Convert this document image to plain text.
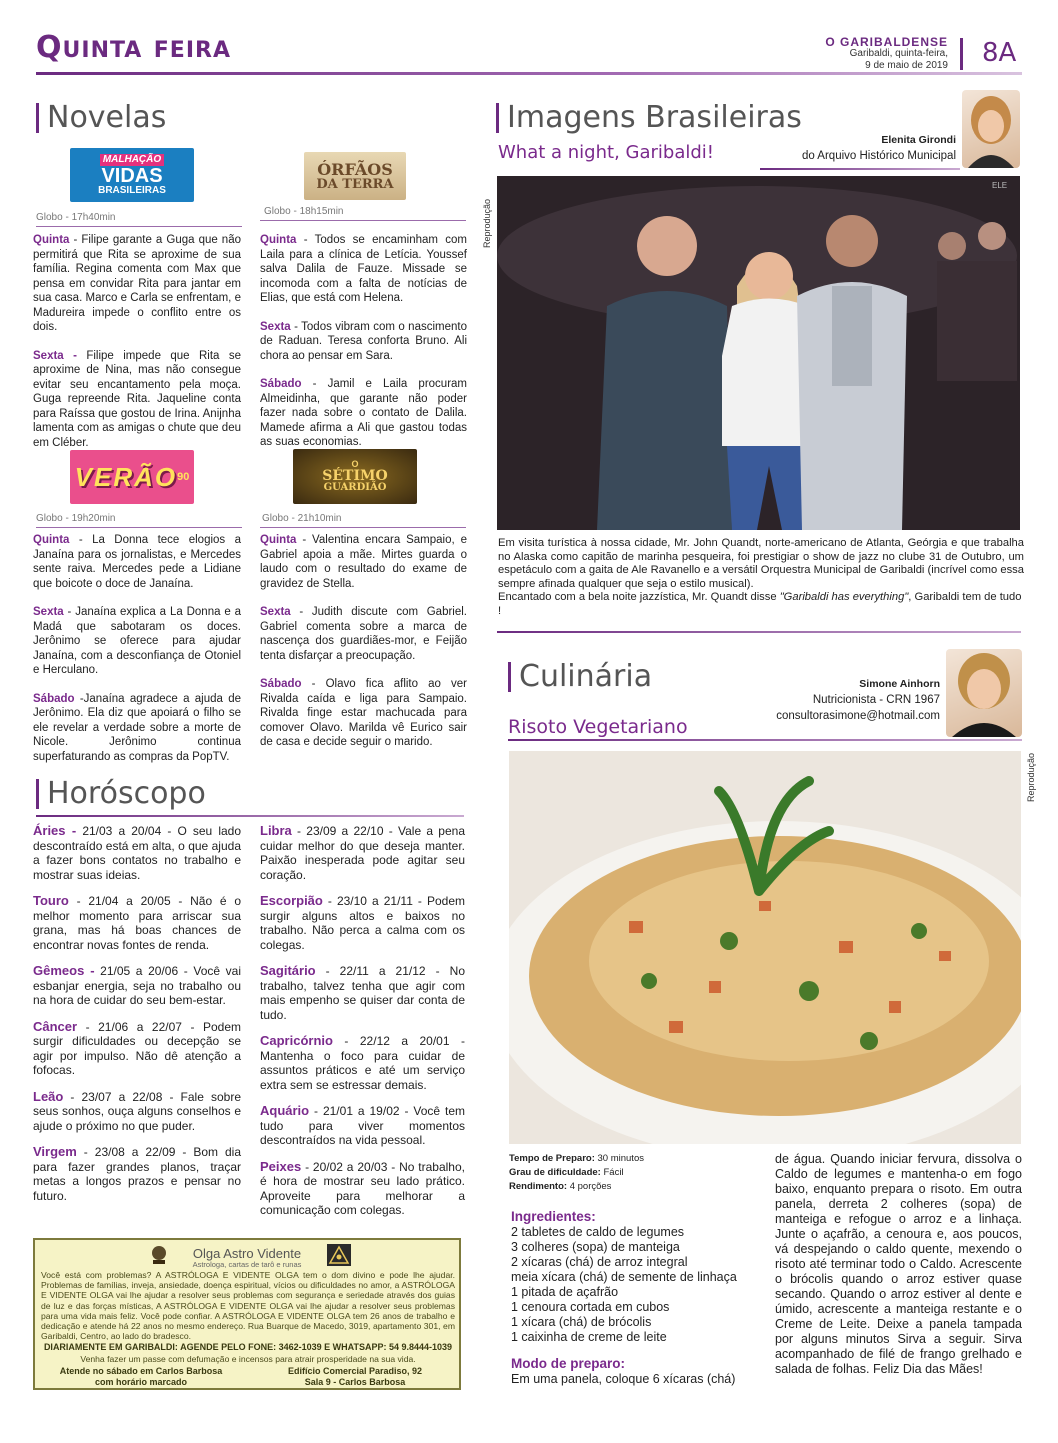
QUINTA FEIRA	O GARIBALDENSE
Garibaldi, quinta-feira,
9 de maio de 2019 8A
Novelas
MALHAÇÃO
VIDAS
BRASILEIRAS
Globo - 17h40min

Quinta - Filipe garante a Guga que não permitirá que Rita se aproxime de sua família. Regina comenta com Max que pensa em convidar Rita para jantar em sua casa. Marco e Carla se enfrentam, e Madureira impede o conflito entre os dois.

Sexta - Filipe impede que Rita se aproxime de Nina, mas não consegue evitar seu encantamento pela moça. Guga repreende Rita. Jaqueline conta para Raíssa que gostou de Irina. Anijnha lamenta com as amigas o chute que deu em Cléber.

ÓRFÃOS
DA TERRA
Globo - 18h15min

Quinta - Todos se encaminham com Laila para a clínica de Letícia. Youssef salva Dalila de Fauze. Missade se incomoda com a falta de notícias de Elias, que está com Helena.

Sexta - Todos vibram com o nascimento de Raduan. Teresa conforta Bruno. Ali chora ao pensar em Sara.

Sábado - Jamil e Laila procuram Almeidinha, que garante não poder fazer nada sobre o contato de Dalila. Mamede afirma a Ali que gastou todas as suas economias.

VERÃO 90
Globo - 19h20min

Quinta - La Donna tece elogios a Janaína para os jornalistas, e Mercedes sente raiva. Mercedes pede a Lidiane que boicote o doce de Janaína.

Sexta - Janaína explica a La Donna e a Madá que sabotaram os doces. Jerônimo se oferece para ajudar Janaína, com a desconfiança de Otoniel e Herculano.

Sábado -Janaína agradece a ajuda de Jerônimo. Ela diz que apoiará o filho se ele revelar a verdade sobre a morte de Nicole. Jerônimo continua superfaturando as compras da PopTV.

O
SÉTIMO
GUARDIÃO
Globo - 21h10min

Quinta - Valentina encara Sampaio, e Gabriel apoia a mãe. Mirtes guarda o laudo com o resultado do exame de gravidez de Stella.

Sexta - Judith discute com Gabriel. Gabriel comenta sobre a marca de nascença dos guardiães-mor, e Feijão tenta disfarçar a preocupação.

Sábado - Olavo fica aflito ao ver Rivalda caída e liga para Sampaio. Rivalda finge estar machucada para comover Olavo. Marilda vê Eurico sair de casa e decide seguir o marido.

Horóscopo

Áries - 21/03 a 20/04 - O seu lado descontraído está em alta, o que ajuda a fazer bons contatos no trabalho e mostrar suas ideias.

Touro - 21/04 a 20/05 - Não é o melhor momento para arriscar sua grana, mas há boas chances de encontrar novas fontes de renda.

Gêmeos - 21/05 a 20/06 - Você vai esbanjar energia, seja no trabalho ou na hora de cuidar do seu bem-estar.

Câncer - 21/06 a 22/07 - Podem surgir dificuldades ou decepção se agir por impulso. Não dê atenção a fofocas.

Leão - 23/07 a 22/08 - Fale sobre seus sonhos, ouça alguns conselhos e ajude o próximo no que puder.

Virgem - 23/08 a 22/09 - Bom dia para fazer grandes planos, traçar metas a longos prazos e pensar no futuro.

Libra - 23/09 a 22/10 - Vale a pena cuidar melhor do que deseja manter. Paixão inesperada pode agitar seu coração.

Escorpião - 23/10 a 21/11 - Podem surgir alguns altos e baixos no trabalho. Não perca a calma com os colegas.

Sagitário - 22/11 a 21/12 - No trabalho, talvez tenha que agir com mais empenho se quiser dar conta de tudo.

Capricórnio - 22/12 a 20/01 - Mantenha o foco para cuidar de assuntos práticos e até um serviço extra sem se estressar demais.

Aquário - 21/01 a 19/02 - Você tem tudo para viver momentos descontraídos na vida pessoal.

Peixes - 20/02 a 20/03 - No trabalho, é hora de mostrar seu lado prático. Aproveite para melhorar a comunicação com colegas.

Olga Astro Vidente
Astrologa, cartas de tarô e runas
Você está com problemas? A ASTRÓLOGA E VIDENTE OLGA tem o dom divino e pode lhe ajudar. Problemas de famílias, inveja, ansiedade, doença espiritual, vícios ou dificuldades no amor, a ASTRÓLOGA E VIDENTE OLGA vai lhe ajudar a resolver seus problemas com segurança e seriedade através dos guias de luz e das forças místicas, A ASTRÓLOGA E VIDENTE OLGA vai lhe ajudar a resolver seus problemas para uma vida mais feliz. Você pode confiar. A ASTRÓLOGA E VIDENTE OLGA tem 26 anos de trabalho e dedicação e atende há 22 anos no mesmo endereço. Rua Buarque de Macedo, 3019, apartamento 301, em Garibaldi, Centro, ao lado do bradesco.
DIARIAMENTE EM GARIBALDI: AGENDE PELO FONE: 3462-1039 E WHATSAPP: 54 9.8444-1039
Venha fazer um passe com defumação e incensos para atrair prosperidade na sua vida.
Atende no sábado em Carlos Barbosa
com horário marcado
Edifício Comercial Paradiso, 92
Sala 9 - Carlos Barbosa
Imagens Brasileiras
What a night, Garibaldi!
Elenita Girondi
do Arquivo Histórico Municipal
Reprodução
ELE
Em visita turística à nossa cidade, Mr. John Quandt, norte-americano de Atlanta, Geórgia e que trabalha no Alaska como capitão de marinha pesqueira, foi prestigiar o show de jazz no clube 31 de Outubro, um espetáculo com a gaita de Ale Ravanello e a versátil Orquestra Municipal de Garibaldi (incrível como essa sempre afinada qualquer que seja o estilo musical).
Encantado com a bela noite jazzística, Mr. Quandt disse "Garibaldi has everything", Garibaldi tem de tudo !
Culinária
Risoto Vegetariano
Simone Ainhorn
Nutricionista - CRN 1967
consultorasimone@hotmail.com
Reprodução
Tempo de Preparo: 30 minutos
Grau de dificuldade: Fácil
Rendimento: 4 porções
Ingredientes:
2 tabletes de caldo de legumes
3 colheres (sopa) de manteiga
2 xícaras (chá) de arroz integral
meia xícara (chá) de semente de linhaça
1 pitada de açafrão
1 cenoura cortada em cubos
1 xícara (chá) de brócolis
1 caixinha de creme de leite
Modo de preparo:
Em uma panela, coloque 6 xícaras (chá)
de água. Quando iniciar fervura, dissolva o Caldo de legumes e mantenha-o em fogo baixo, enquanto prepara o risoto. Em outra panela, derreta 2 colheres (sopa) de manteiga e refogue o arroz e a linhaça. Junte o açafrão, a cenoura e, aos poucos, vá despejando o caldo quente, mexendo o risoto até terminar todo o Caldo. Acrescente o brócolis quando o arroz estiver quase secando. Quando o arroz estiver al dente e úmido, acrescente a manteiga restante e o Creme de Leite. Deixe a panela tampada por alguns minutos Sirva a seguir. Sirva acompanhado de filé de frango grelhado e salada de folhas. Feliz Dia das Mães!
